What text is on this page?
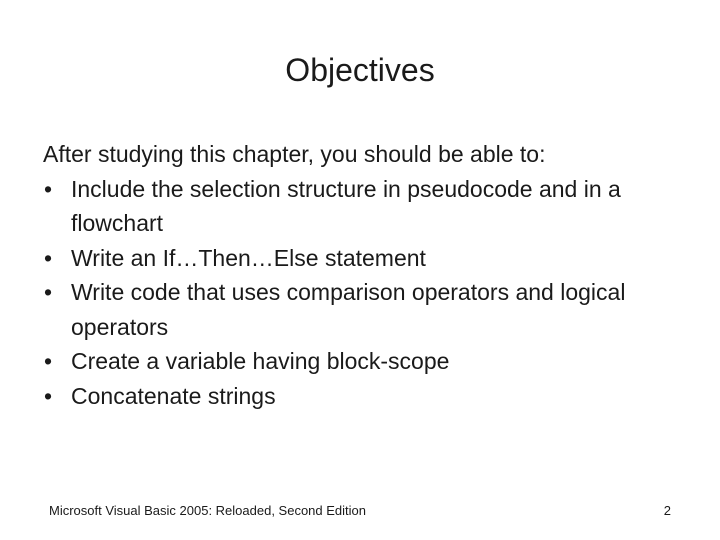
Objectives

After studying this chapter, you should be able to:

• Include the selection structure in pseudocode and in a flowchart
• Write an If…Then…Else statement
• Write code that uses comparison operators and logical operators
• Create a variable having block-scope
• Concatenate strings
Microsoft Visual Basic 2005: Reloaded, Second Edition	2
